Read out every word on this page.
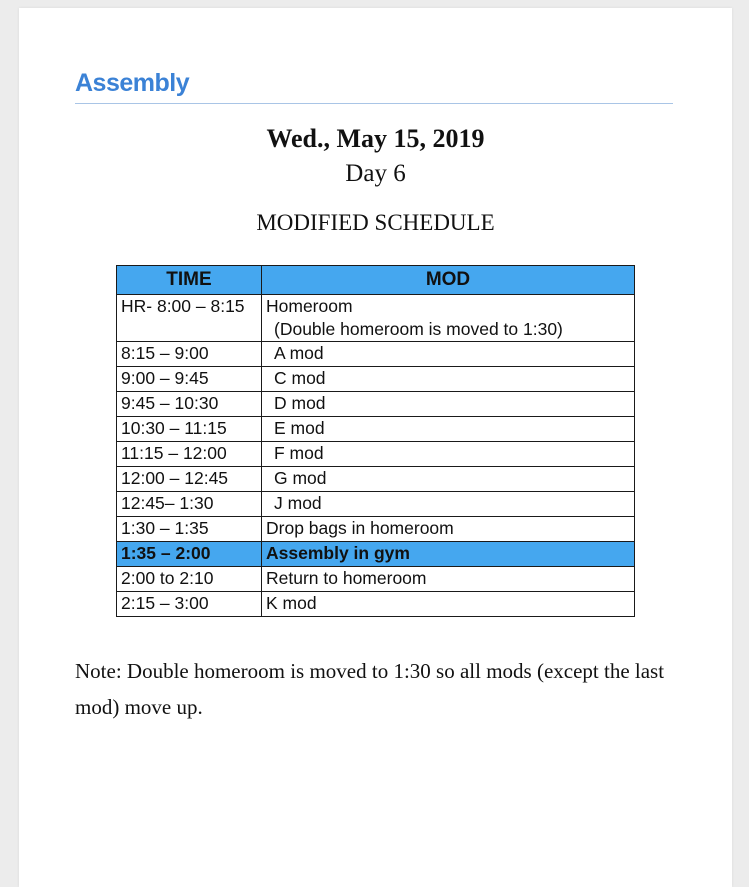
Assembly
Wed., May 15, 2019
Day 6
MODIFIED SCHEDULE
TIME	MOD
HR- 8:00 – 8:15	Homeroom
(Double homeroom is moved to 1:30)

8:15 – 9:00	A mod

9:00 – 9:45	C mod

9:45 – 10:30	D mod

10:30 – 11:15	E mod

11:15 – 12:00	F mod

12:00 – 12:45	G mod

12:45– 1:30	J mod

1:30 – 1:35	Drop bags in homeroom
1:35 – 2:00	Assembly in gym
2:00 to 2:10	Return to homeroom
2:15 – 3:00	K mod
Note: Double homeroom is moved to 1:30 so all mods (except the last mod) move up.
